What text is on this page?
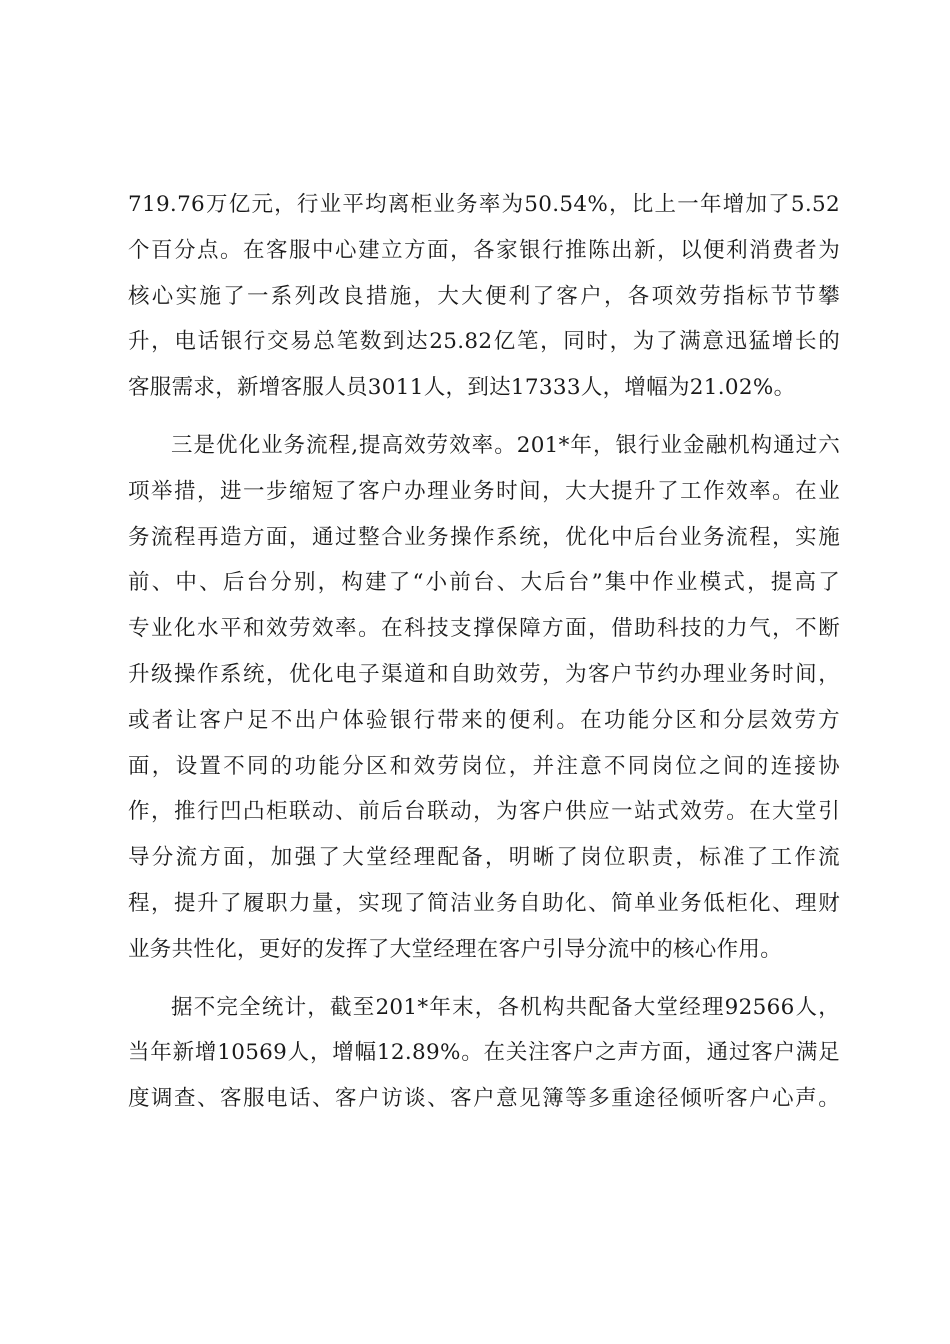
719.76万亿元，行业平均离柜业务率为50.54%，比上一年增加了5.52
个百分点。在客服中心建立方面，各家银行推陈出新，以便利消费者为
核心实施了一系列改良措施，大大便利了客户，各项效劳指标节节攀
升，电话银行交易总笔数到达25.82亿笔，同时，为了满意迅猛增长的
客服需求，新增客服人员3011人，到达17333人，增幅为21.02%。
三是优化业务流程,提高效劳效率。201*年，银行业金融机构通过六
项举措，进一步缩短了客户办理业务时间，大大提升了工作效率。在业
务流程再造方面，通过整合业务操作系统，优化中后台业务流程，实施
前、中、后台分别，构建了“小前台、大后台”集中作业模式，提高了
专业化水平和效劳效率。在科技支撑保障方面，借助科技的力气，不断
升级操作系统，优化电子渠道和自助效劳，为客户节约办理业务时间，
或者让客户足不出户体验银行带来的便利。在功能分区和分层效劳方
面，设置不同的功能分区和效劳岗位，并注意不同岗位之间的连接协
作，推行凹凸柜联动、前后台联动，为客户供应一站式效劳。在大堂引
导分流方面，加强了大堂经理配备，明晰了岗位职责，标准了工作流
程，提升了履职力量，实现了简洁业务自助化、简单业务低柜化、理财
业务共性化，更好的发挥了大堂经理在客户引导分流中的核心作用。
据不完全统计，截至201*年末，各机构共配备大堂经理92566人，
当年新增10569人，增幅12.89%。在关注客户之声方面，通过客户满足
度调查、客服电话、客户访谈、客户意见簿等多重途径倾听客户心声。
